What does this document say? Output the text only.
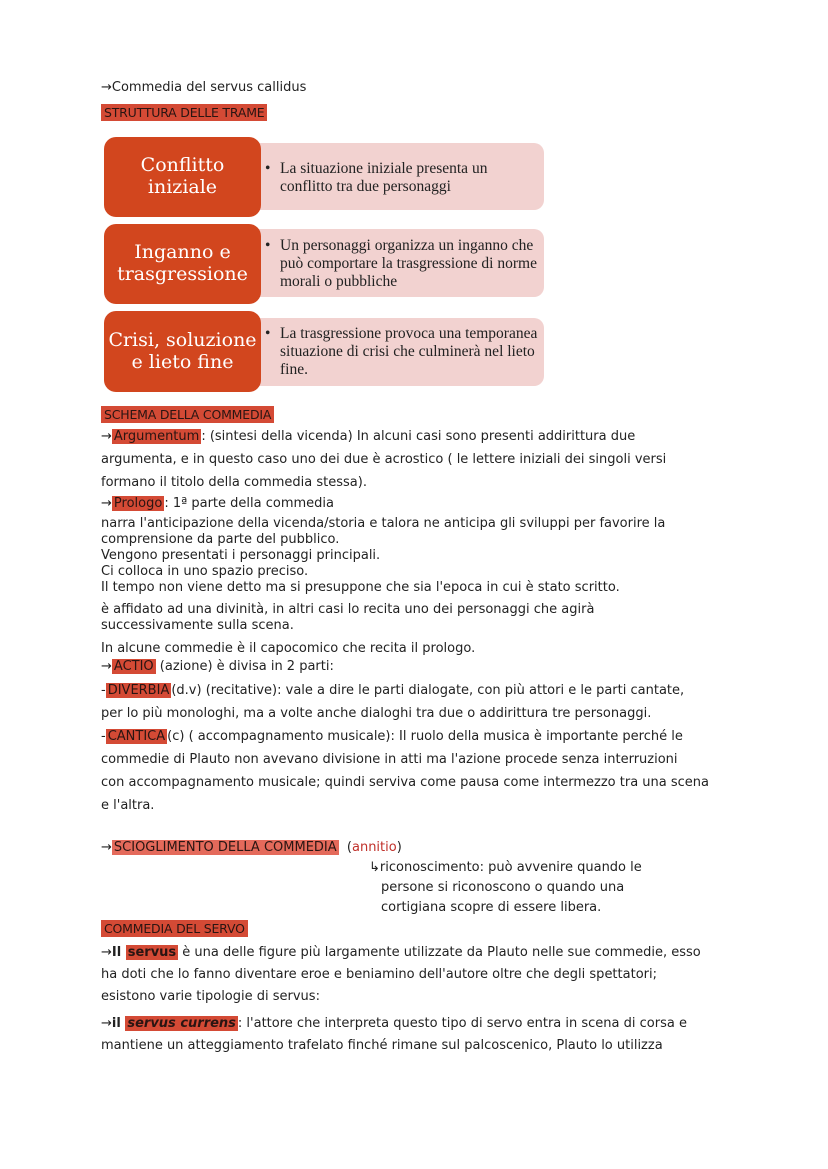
→Commedia del servus callidus
STRUTTURA DELLE TRAME
Conflitto iniziale
• La situazione iniziale presenta un conflitto tra due personaggi
Inganno e trasgressione
• Un personaggi organizza un inganno che può comportare la trasgressione di norme morali o pubbliche
Crisi, soluzione e lieto fine
• La trasgressione provoca una temporanea situazione di crisi che culminerà nel lieto fine.
SCHEMA DELLA COMMEDIA
→ Argumentum : (sintesi della vicenda) In alcuni casi sono presenti addirittura due
argumenta, e in questo caso uno dei due è acrostico ( le lettere iniziali dei singoli versi
formano il titolo della commedia stessa).
→ Prologo : 1ª parte della commedia
narra l'anticipazione della vicenda/storia e talora ne anticipa gli sviluppi per favorire la
comprensione da parte del pubblico.
Vengono presentati i personaggi principali.
Ci colloca in uno spazio preciso.
Il tempo non viene detto ma si presuppone che sia l'epoca in cui è stato scritto.
è affidato ad una divinità, in altri casi lo recita uno dei personaggi che agirà
successivamente sulla scena.
In alcune commedie è il capocomico che recita il prologo.
→ ACTIO (azione) è divisa in 2 parti:
- DIVERBIA (d.v) (recitative): vale a dire le parti dialogate, con più attori e le parti cantate,
per lo più monologhi, ma a volte anche dialoghi tra due o addirittura tre personaggi.
- CANTICA (c) ( accompagnamento musicale): Il ruolo della musica è importante perché le
commedie di Plauto non avevano divisione in atti ma l'azione procede senza interruzioni
con accompagnamento musicale; quindi serviva come pausa come intermezzo tra una scena
e l'altra.
→ SCIOGLIMENTO DELLA COMMEDIA (annitio)
↳riconoscimento: può avvenire quando le
persone si riconoscono o quando una
cortigiana scopre di essere libera.
COMMEDIA DEL SERVO
→Il servus è una delle figure più largamente utilizzate da Plauto nelle sue commedie, esso
ha doti che lo fanno diventare eroe e beniamino dell'autore oltre che degli spettatori;
esistono varie tipologie di servus:
→il servus currens : l'attore che interpreta questo tipo di servo entra in scena di corsa e
mantiene un atteggiamento trafelato finché rimane sul palcoscenico, Plauto lo utilizza
